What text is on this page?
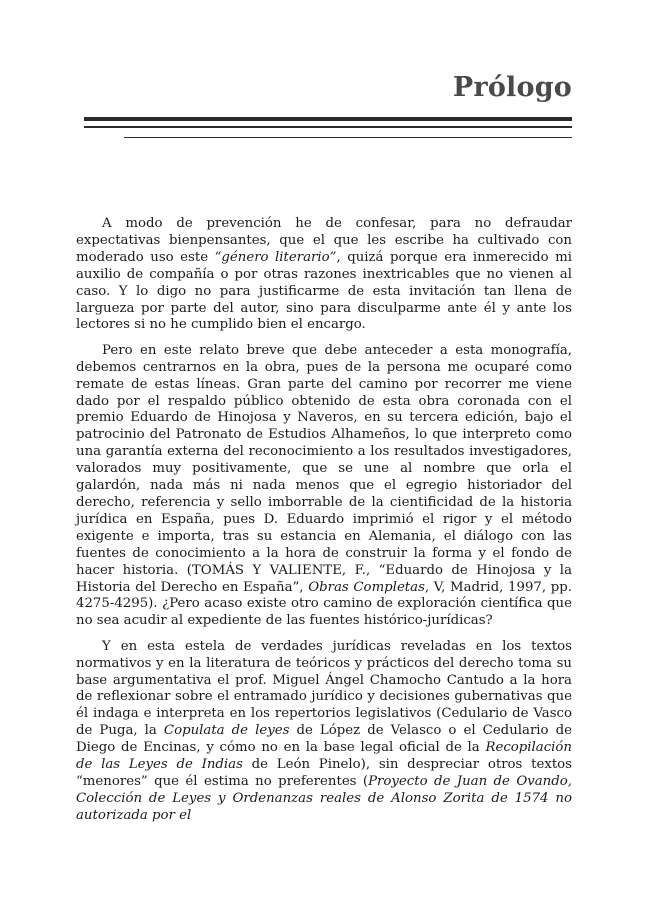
Prólogo

A modo de prevención he de confesar, para no defraudar expectativas bienpensantes, que el que les escribe ha cultivado con moderado uso este “género literario”, quizá porque era inmerecido mi auxilio de compañía o por otras razones inextricables que no vienen al caso. Y lo digo no para justificarme de esta invitación tan llena de largueza por parte del autor, sino para disculparme ante él y ante los lectores si no he cumplido bien el encargo.

Pero en este relato breve que debe anteceder a esta monografía, debemos centrarnos en la obra, pues de la persona me ocuparé como remate de estas líneas. Gran parte del camino por recorrer me viene dado por el respaldo público obtenido de esta obra coronada con el premio Eduardo de Hinojosa y Naveros, en su tercera edición, bajo el patrocinio del Patronato de Estudios Alhameños, lo que interpreto como una garantía externa del reconocimiento a los resultados investigadores, valorados muy positivamente, que se une al nombre que orla el galardón, nada más ni nada menos que el egregio historiador del derecho, referencia y sello imborrable de la cientificidad de la historia jurídica en España, pues D. Eduardo imprimió el rigor y el método exigente e importa, tras su estancia en Alemania, el diálogo con las fuentes de conocimiento a la hora de construir la forma y el fondo de hacer historia. (TOMÁS Y VALIENTE, F., “Eduardo de Hinojosa y la Historia del Derecho en España”, Obras Completas, V, Madrid, 1997, pp. 4275-4295). ¿Pero acaso existe otro camino de exploración científica que no sea acudir al expediente de las fuentes histórico-jurídicas?

Y en esta estela de verdades jurídicas reveladas en los textos normativos y en la literatura de teóricos y prácticos del derecho toma su base argumentativa el prof. Miguel Ángel Chamocho Cantudo a la hora de reflexionar sobre el entramado jurídico y decisiones gubernativas que él indaga e interpreta en los repertorios legislativos (Cedulario de Vasco de Puga, la Copulata de leyes de López de Velasco o el Cedulario de Diego de Encinas, y cómo no en la base legal oficial de la Recopilación de las Leyes de Indias de León Pinelo), sin despreciar otros textos “menores” que él estima no preferentes (Proyecto de Juan de Ovando, Colección de Leyes y Ordenanzas reales de Alonso Zorita de 1574 no autorizada por el
